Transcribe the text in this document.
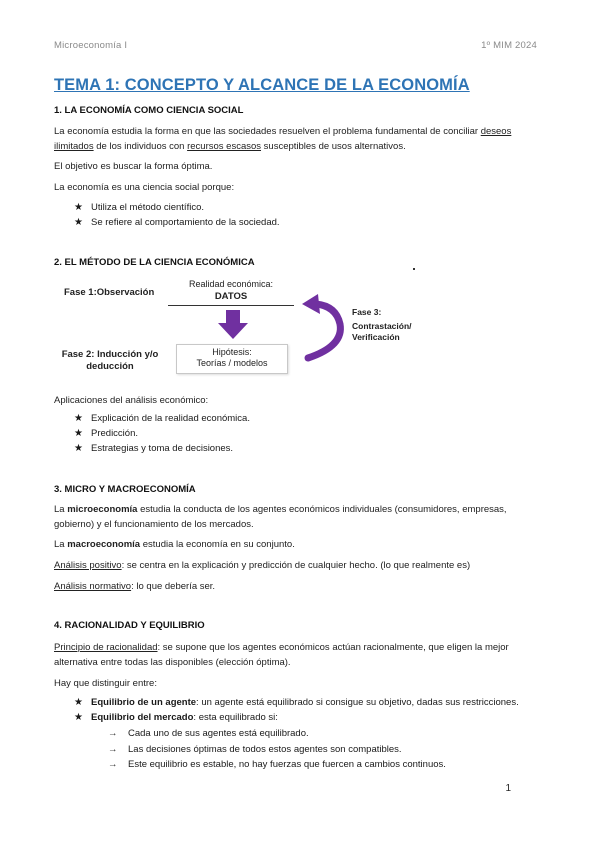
Microeconomía I	1º MIM 2024
TEMA 1: CONCEPTO Y ALCANCE DE LA ECONOMÍA
1. LA ECONOMÍA COMO CIENCIA SOCIAL
La economía estudia la forma en que las sociedades resuelven el problema fundamental de conciliar deseos ilimitados de los individuos con recursos escasos susceptibles de usos alternativos.
El objetivo es buscar la forma óptima.
La economía es una ciencia social porque:
★ Utiliza el método científico.
★ Se refiere al comportamiento de la sociedad.
2. EL MÉTODO DE LA CIENCIA ECONÓMICA
Fase 1:Observación
Realidad económica:
DATOS
Hipótesis:
Teorías / modelos
Fase 2: Inducción y/o
deducción
Fase 3:
Contrastación/
Verificación
Aplicaciones del análisis económico:
★ Explicación de la realidad económica.
★ Predicción.
★ Estrategias y toma de decisiones.
3. MICRO Y MACROECONOMÍA
La microeconomía estudia la conducta de los agentes económicos individuales (consumidores, empresas, gobierno) y el funcionamiento de los mercados.
La macroeconomía estudia la economía en su conjunto.
Análisis positivo: se centra en la explicación y predicción de cualquier hecho. (lo que realmente es)
Análisis normativo: lo que debería ser.
4. RACIONALIDAD Y EQUILIBRIO
Principio de racionalidad: se supone que los agentes económicos actúan racionalmente, que eligen la mejor alternativa entre todas las disponibles (elección óptima).
Hay que distinguir entre:
★ Equilibrio de un agente: un agente está equilibrado si consigue su objetivo, dadas sus restricciones.
★ Equilibrio del mercado: esta equilibrado si:
→ Cada uno de sus agentes está equilibrado.
→ Las decisiones óptimas de todos estos agentes son compatibles.
→ Este equilibrio es estable, no hay fuerzas que fuercen a cambios continuos.
1
